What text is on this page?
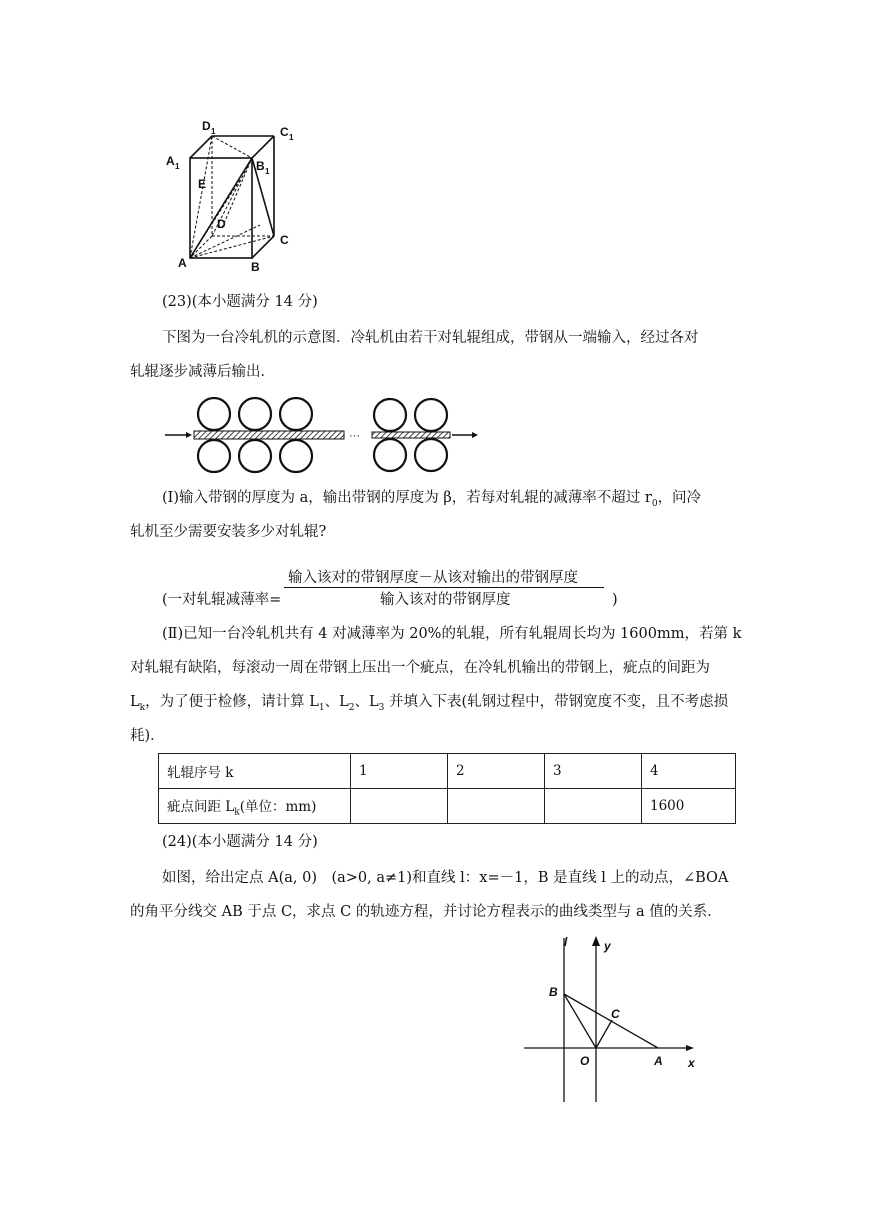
D 1	C 1
A 1	B 1
E
D
C
A	B
(23)(本小题满分 14 分)
下图为一台冷轧机的示意图．冷轧机由若干对轧辊组成，带钢从一端输入，经过各对
轧辊逐步减薄后输出．
···
(Ⅰ)输入带钢的厚度为 a，输出带钢的厚度为 β，若每对轧辊的减薄率不超过 $r_0$，问冷
轧机至少需要安装多少对轧辊?
输入该对的带钢厚度－从该对输出的带钢厚度
(一对轧辊减薄率=	输入该对的带钢厚度	)
(Ⅱ)已知一台冷轧机共有 4 对减薄率为 20%的轧辊，所有轧辊周长均为 1600mm，若第 k
对轧辊有缺陷，每滚动一周在带钢上压出一个疵点，在冷轧机输出的带钢上，疵点的间距为
$L_k$，为了便于检修，请计算 $L_1$、$L_2$、$L_3$ 并填入下表(轧钢过程中，带钢宽度不变，且不考虑损
耗)．
轧辊序号 k	1	2	3	4
疵点间距 $L_k$(单位：mm)				1600
(24)(本小题满分 14 分)
如图，给出定点 A(a, 0)　(a>0, a≠1)和直线 l：x=－1，B 是直线 l 上的动点，∠BOA
的角平分线交 AB 于点 C，求点 C 的轨迹方程，并讨论方程表示的曲线类型与 a 值的关系．
l	y
B
C
O	A x
